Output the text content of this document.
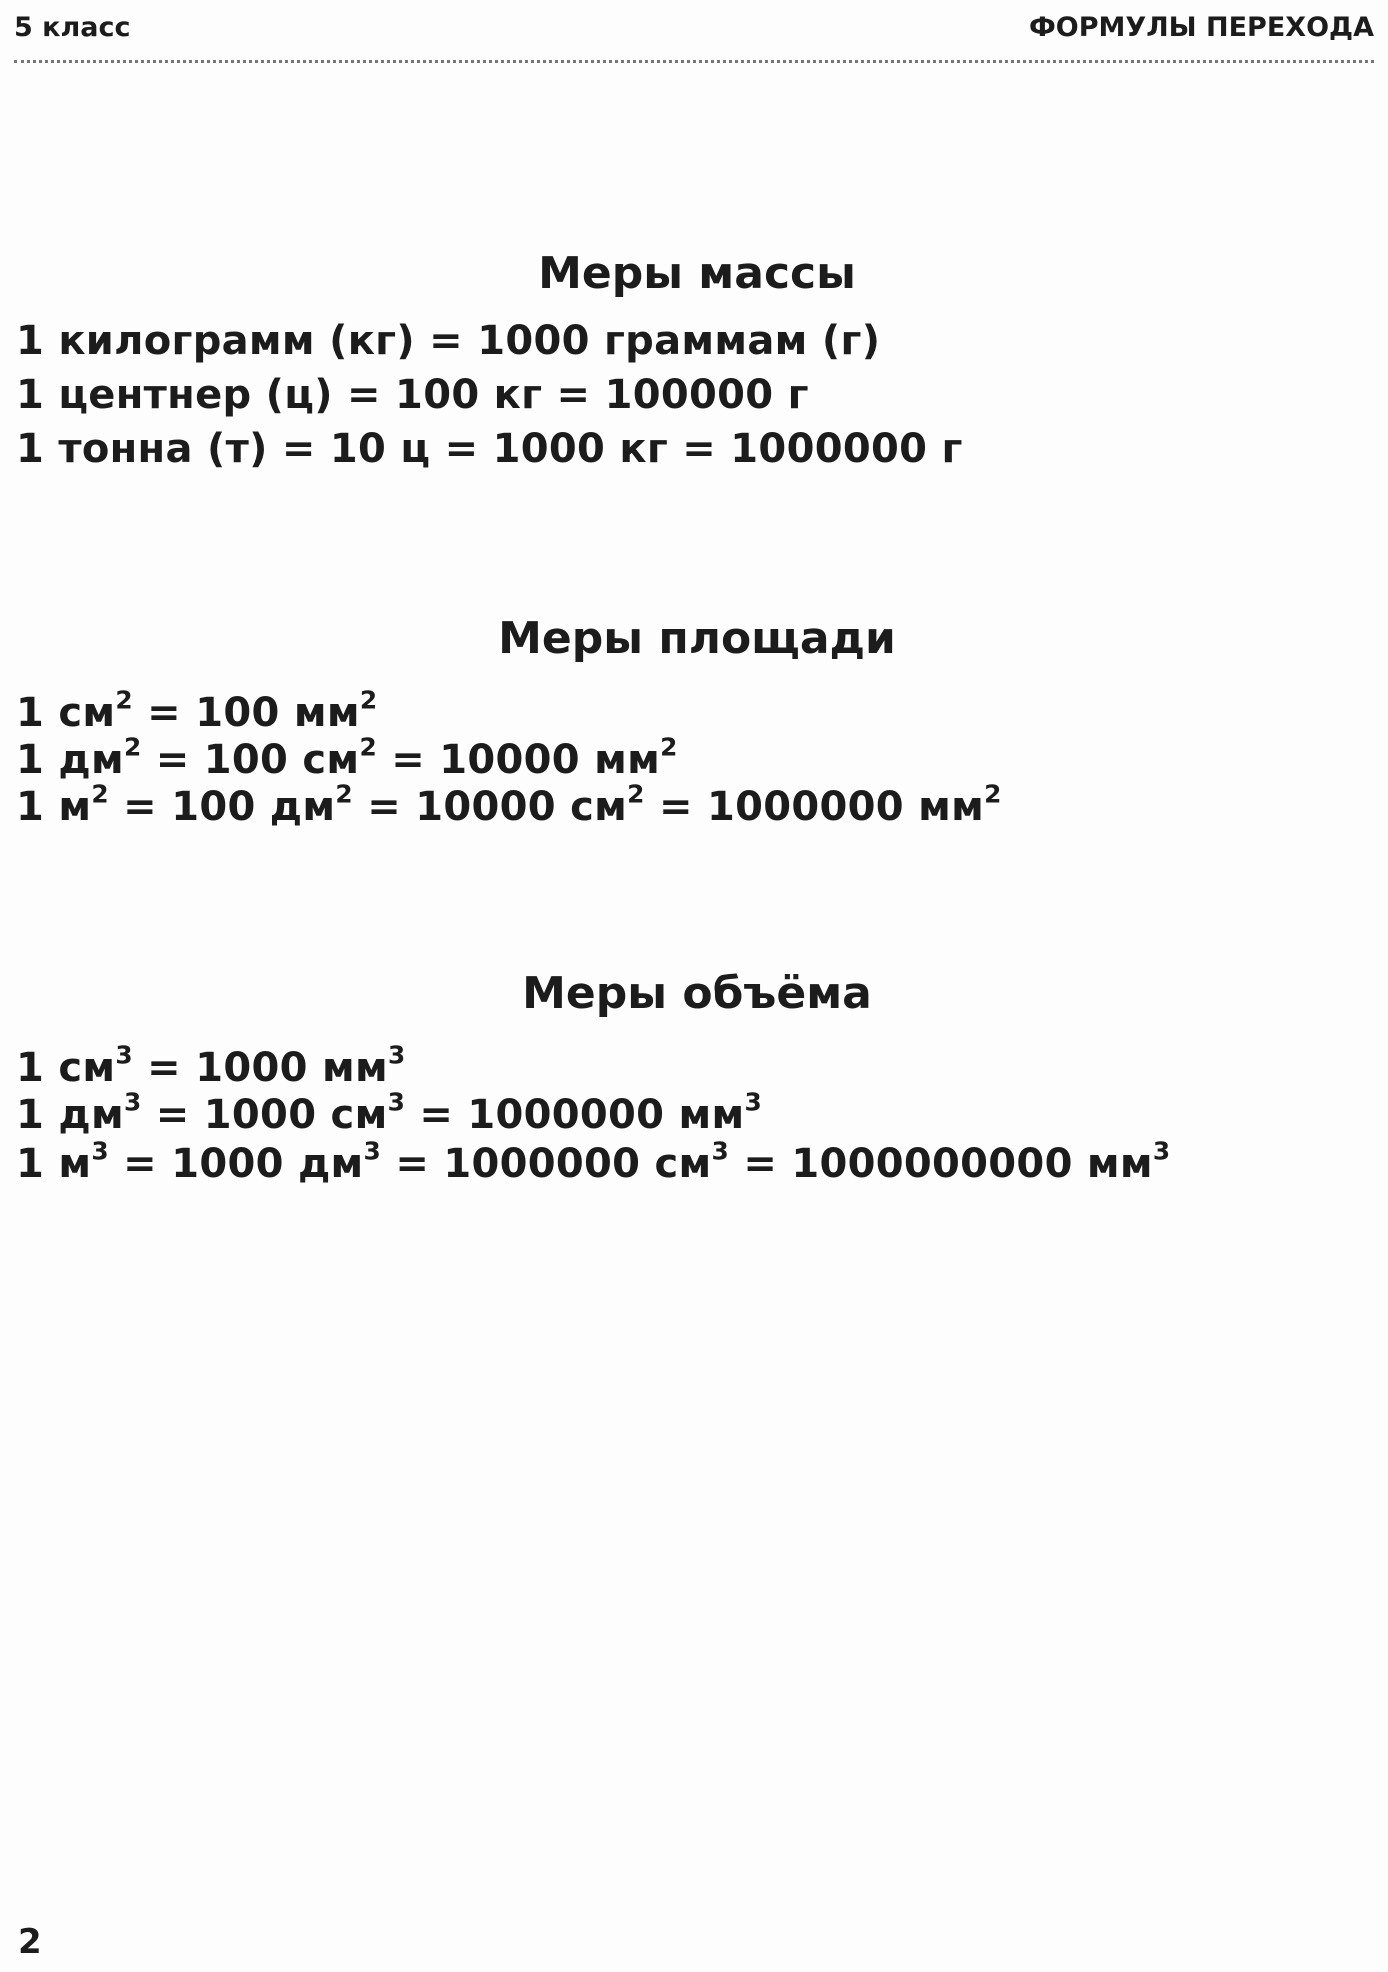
5 класс	ФОРМУЛЫ ПЕРЕХОДА
Меры массы
1 килограмм (кг) = 1000 граммам (г)
1 центнер (ц) = 100 кг = 100000 г
1 тонна (т) = 10 ц = 1000 кг = 1000000 г
Меры площади
1 $см^2 = 100$ $мм^2$
1 $дм^2 = 100$ $см^2 = 10000$ $мм^2$
1 $м^2 = 100$ $дм^2 = 10000$ $см^2 = 1000000$ $мм^2$
Меры объёма
1 $см^3 = 1000$ $мм^3$
1 $дм^3 = 1000$ $см^3 = 1000000$ $мм^3$
1 $м^3 = 1000$ $дм^3 = 1000000$ $см^3 = 1000000000$ $мм^3$
2
